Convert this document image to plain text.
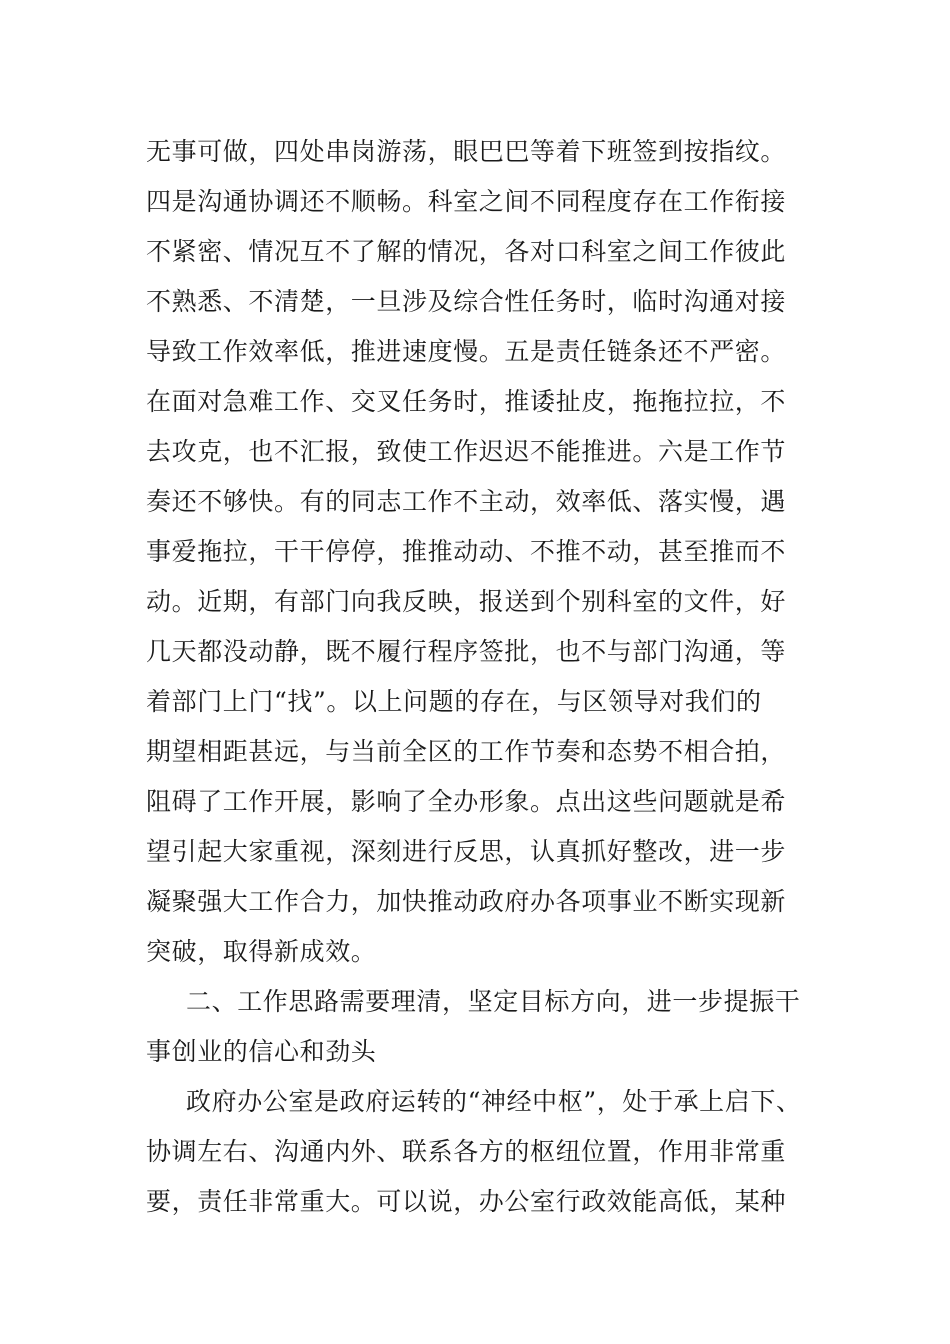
无事可做，四处串岗游荡，眼巴巴等着下班签到按指纹。
四是沟通协调还不顺畅。科室之间不同程度存在工作衔接
不紧密、情况互不了解的情况，各对口科室之间工作彼此
不熟悉、不清楚，一旦涉及综合性任务时，临时沟通对接
导致工作效率低，推进速度慢。五是责任链条还不严密。
在面对急难工作、交叉任务时，推诿扯皮，拖拖拉拉，不
去攻克，也不汇报，致使工作迟迟不能推进。六是工作节
奏还不够快。有的同志工作不主动，效率低、落实慢，遇
事爱拖拉，干干停停，推推动动、不推不动，甚至推而不
动。近期，有部门向我反映，报送到个别科室的文件，好
几天都没动静，既不履行程序签批，也不与部门沟通，等
着部门上门“找”。以上问题的存在，与区领导对我们的
期望相距甚远，与当前全区的工作节奏和态势不相合拍，
阻碍了工作开展，影响了全办形象。点出这些问题就是希
望引起大家重视，深刻进行反思，认真抓好整改，进一步
凝聚强大工作合力，加快推动政府办各项事业不断实现新
突破，取得新成效。
二、工作思路需要理清，坚定目标方向，进一步提振干
事创业的信心和劲头
政府办公室是政府运转的“神经中枢”，处于承上启下、
协调左右、沟通内外、联系各方的枢纽位置，作用非常重
要，责任非常重大。可以说，办公室行政效能高低，某种
